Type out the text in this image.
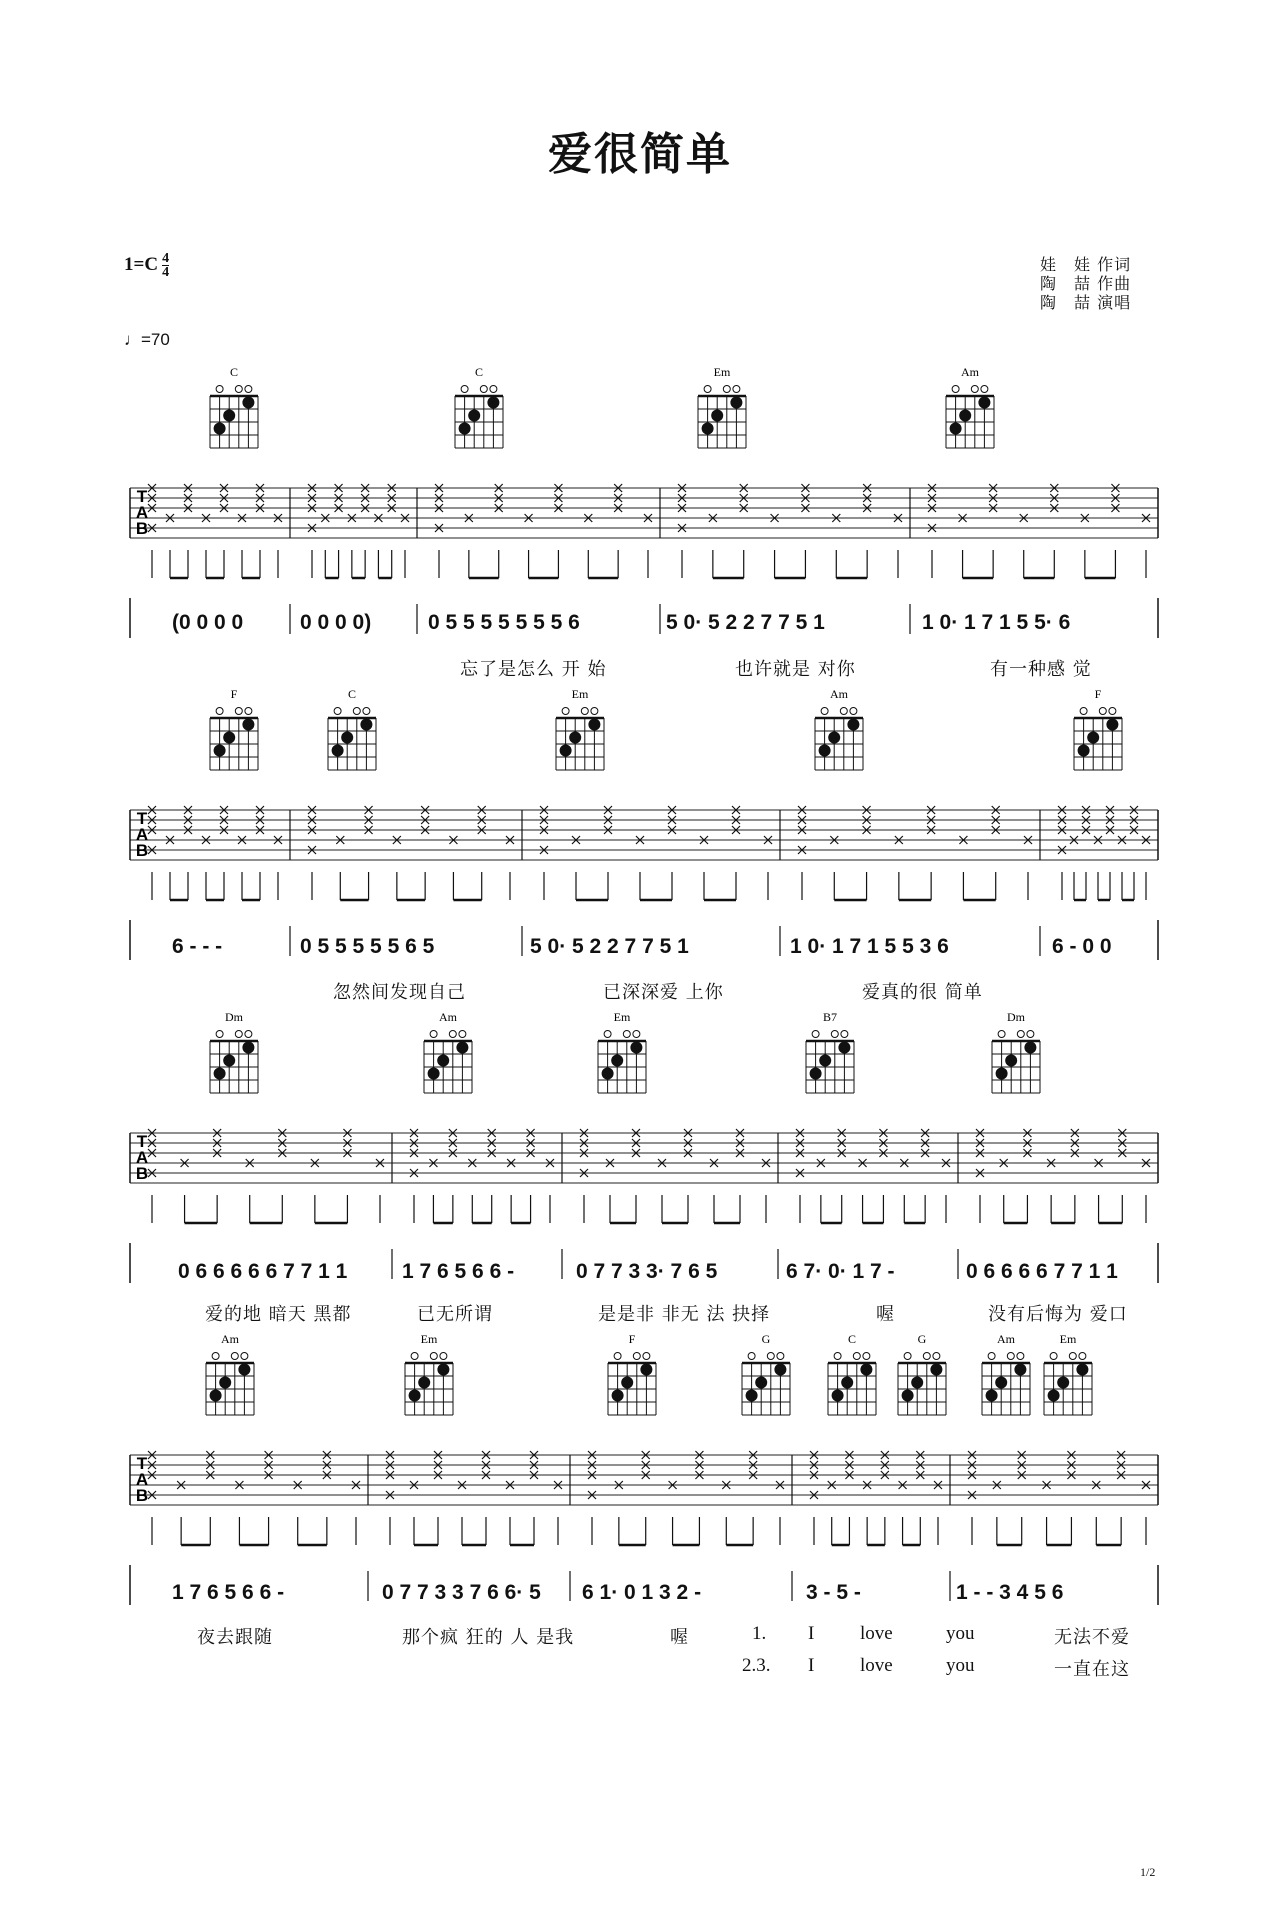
爱很简单
$1=C \frac{4}{4}$
♩=70
娃　娃 作词
陶　喆 作曲
陶　喆 演唱
T
A
B
C	C	Em	Am
T
A
B
F	C	Em	Am	F
T
A
B
Dm	Am	Em	B7	Dm
T
A
B
Am	Em	F	G	C	G	Am	Em
(0 0 0 0	0 0 0 0)	0 5 5 5 5 5 5 5 6	5 0· 5 2 2 7 7 5 1	1 0· 1 7 1 5 5· 6
忘了是怎么 开 始	也许就是 对你	有一种感 觉
6 - - -	0 5 5 5 5 5 6 5	5 0· 5 2 2 7 7 5 1	1 0· 1 7 1 5 5 3 6	6 - 0 0
忽然间发现自己	已深深爱 上你	爱真的很 简单
0 6 6 6 6 6 7 7 1 1	1 7 6 5 6 6 -	0 7 7 3 3· 7 6 5	6 7· 0· 1 7 -	0 6 6 6 6 7 7 1 1
爱的地 暗天 黑都	已无所谓	是是非 非无 法 抉择	喔	没有后悔为 爱口
1 7 6 5 6 6 -	0 7 7 3 3 7 6 6· 5 6 1· 0 1 3 2 -	3 - 5 -	1 - - 3 4 5 6
夜去跟随	那个疯 狂的 人 是我	喔	1. I love	you	无法不爱
2.3. I love	you	一直在这
1/2
